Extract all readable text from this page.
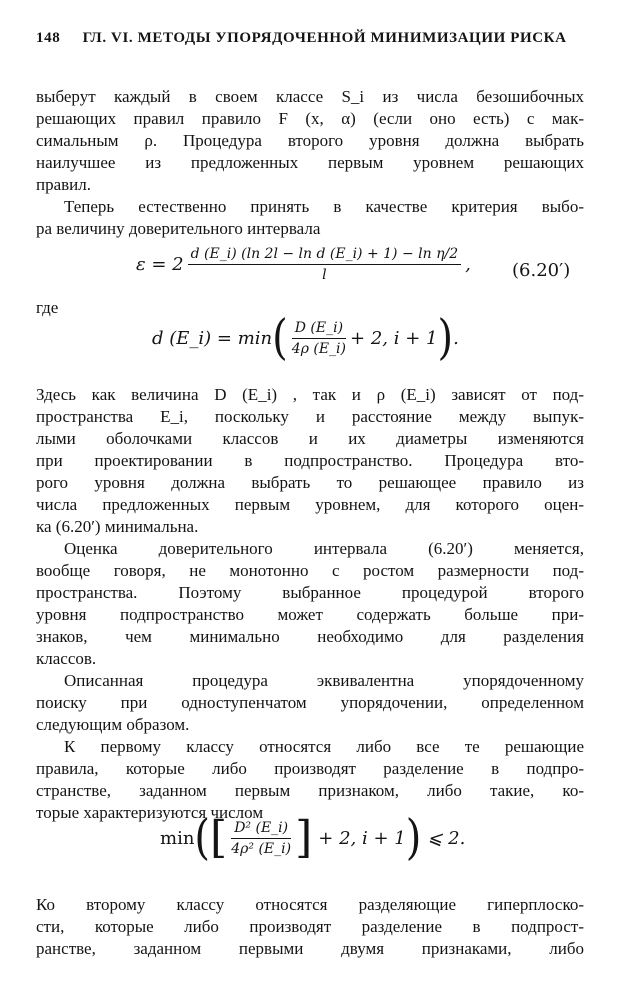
148 ГЛ. VI. МЕТОДЫ УПОРЯДОЧЕННОЙ МИНИМИЗАЦИИ РИСКА
выберут каждый в своем классе S_i из числа безошибочных
решающих правил правило F (x, α) (если оно есть) с мак-
симальным ρ. Процедура второго уровня должна выбрать
наилучшее из предложенных первым уровнем решающих
правил.
Теперь естественно принять в качестве критерия выбо-
ра величину доверительного интервала
$\varepsilon = 2 \frac{\text{d (E\_i) (ln 2l − ln d (E\_i) + 1) − ln η/2}}{l}$ , (6.20′)
где
d (E_i) = min ( $\frac{D (E\_i)}{4\rho (E\_i)} + 2$, i + 1 ) .
Здесь как величина D (E_i) , так и ρ (E_i) зависят от под-
пространства E_i, поскольку и расстояние между выпук-
лыми оболочками классов и их диаметры изменяются
при проектировании в подпространство. Процедура вто-
рого уровня должна выбрать то решающее правило из
числа предложенных первым уровнем, для которого оцен-
ка (6.20′) минимальна.
Оценка доверительного интервала (6.20′) меняется,
вообще говоря, не монотонно с ростом размерности под-
пространства. Поэтому выбранное процедурой второго
уровня подпространство может содержать больше при-
знаков, чем минимально необходимо для разделения
классов.
Описанная процедура эквивалентна упорядоченному
поиску при одноступенчатом упорядочении, определенном
следующим образом.
К первому классу относятся либо все те решающие
правила, которые либо производят разделение в подпро-
странстве, заданном первым признаком, либо такие, ко-
торые характеризуются числом
min ( [ $\frac{\text{D² (E\_i)}}{\text{4ρ² (E\_i)}}$ ] + 2, i + 1 ) ⩽ 2.
Ко второму классу относятся разделяющие гиперплоско-
сти, которые либо производят разделение в подпрост-
ранстве, заданном первыми двумя признаками, либо
